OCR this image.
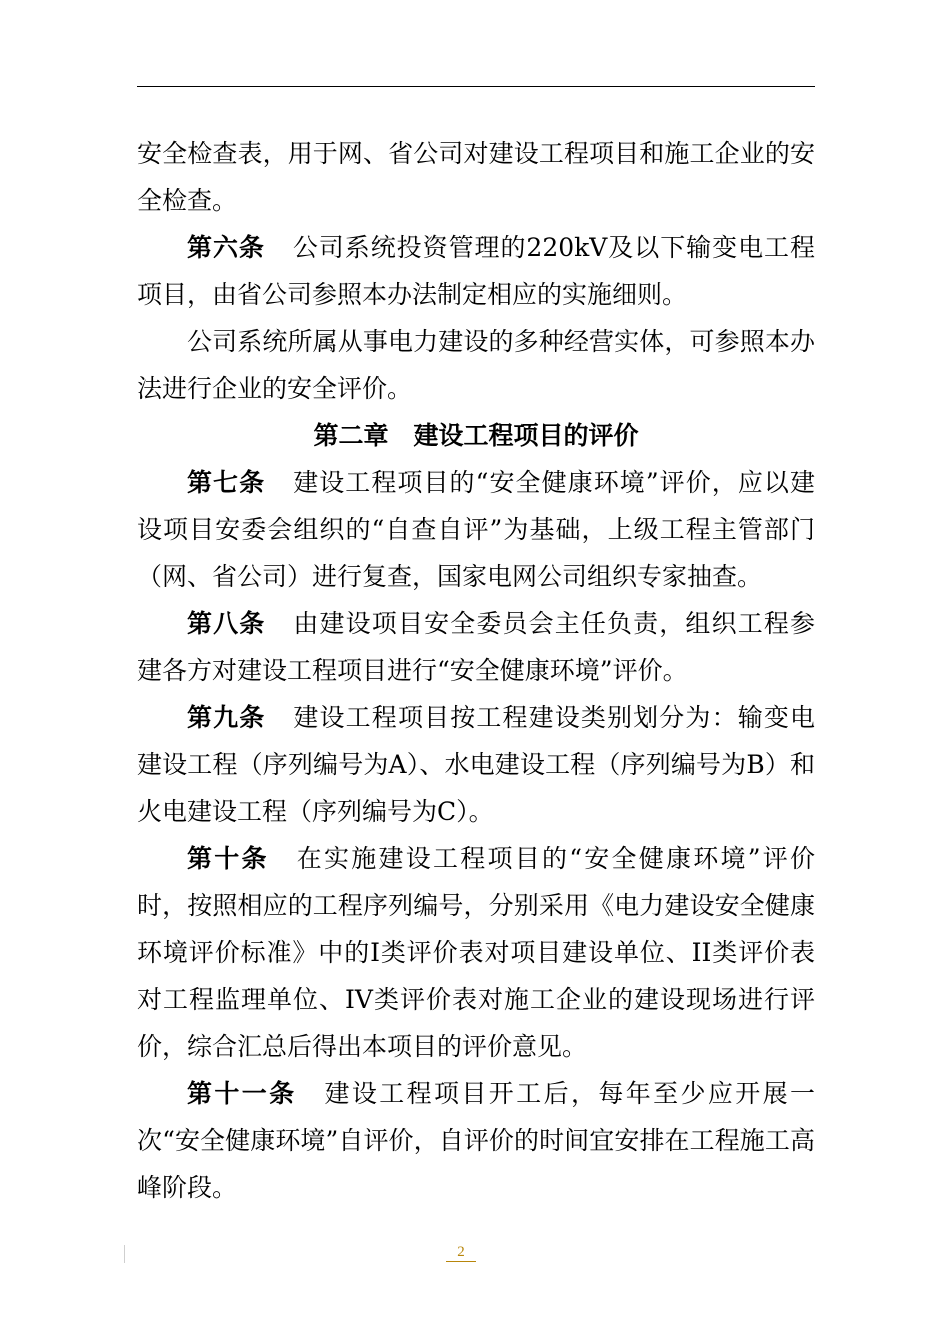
安全检查表，用于网、省公司对建设工程项目和施工企业的安全检查。

第六条 公司系统投资管理的220kV及以下输变电工程项目，由省公司参照本办法制定相应的实施细则。

公司系统所属从事电力建设的多种经营实体，可参照本办法进行企业的安全评价。

第二章　建设工程项目的评价

第七条 建设工程项目的“安全健康环境”评价，应以建设项目安委会组织的“自查自评”为基础，上级工程主管部门（网、省公司）进行复查，国家电网公司组织专家抽查。

第八条 由建设项目安全委员会主任负责，组织工程参建各方对建设工程项目进行“安全健康环境”评价。

第九条 建设工程项目按工程建设类别划分为：输变电建设工程（序列编号为A）、水电建设工程（序列编号为B）和火电建设工程（序列编号为C）。

第十条 在实施建设工程项目的“安全健康环境”评价时，按照相应的工程序列编号，分别采用《电力建设安全健康环境评价标准》中的I类评价表对项目建设单位、II类评价表对工程监理单位、IV类评价表对施工企业的建设现场进行评价，综合汇总后得出本项目的评价意见。

第十一条 建设工程项目开工后，每年至少应开展一次“安全健康环境”自评价，自评价的时间宜安排在工程施工高峰阶段。

2
